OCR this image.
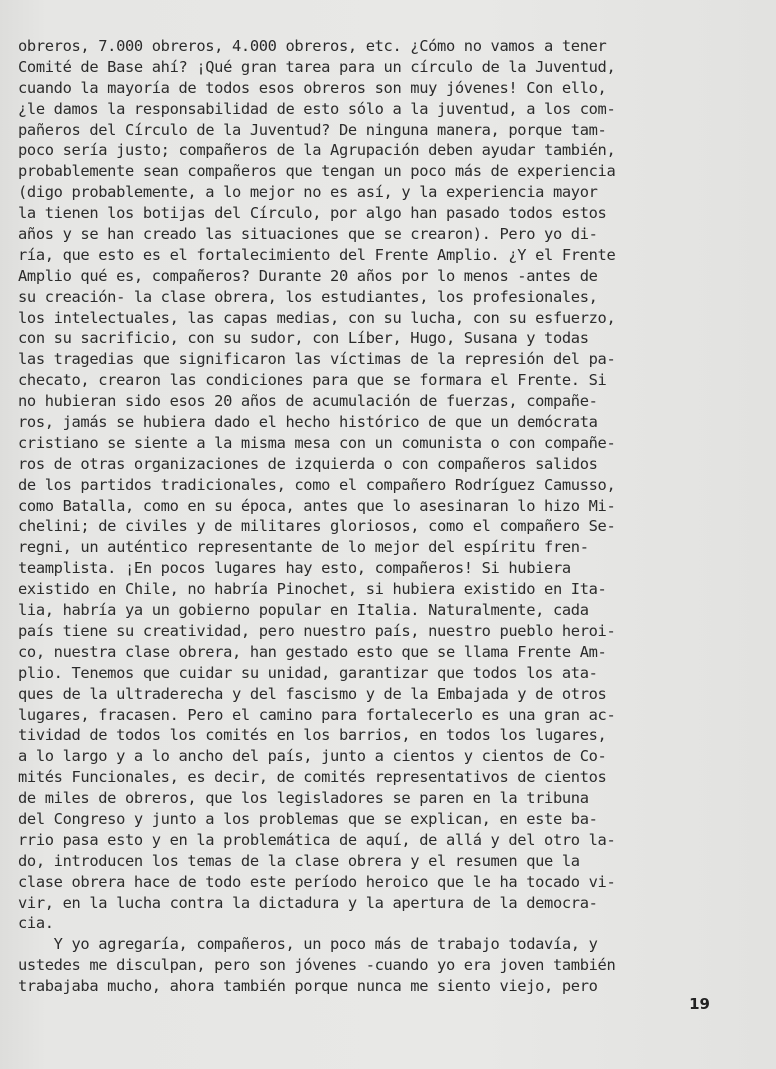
obreros, 7.000 obreros, 4.000 obreros, etc. ¿Cómo no vamos a tener
Comité de Base ahí? ¡Qué gran tarea para un círculo de la Juventud,
cuando la mayoría de todos esos obreros son muy jóvenes! Con ello,
¿le damos la responsabilidad de esto sólo a la juventud, a los com-
pañeros del Círculo de la Juventud? De ninguna manera, porque tam-
poco sería justo; compañeros de la Agrupación deben ayudar también,
probablemente sean compañeros que tengan un poco más de experiencia
(digo probablemente, a lo mejor no es así, y la experiencia mayor
la tienen los botijas del Círculo, por algo han pasado todos estos
años y se han creado las situaciones que se crearon). Pero yo di-
ría, que esto es el fortalecimiento del Frente Amplio. ¿Y el Frente
Amplio qué es, compañeros? Durante 20 años por lo menos -antes de
su creación- la clase obrera, los estudiantes, los profesionales,
los intelectuales, las capas medias, con su lucha, con su esfuerzo,
con su sacrificio, con su sudor, con Líber, Hugo, Susana y todas
las tragedias que significaron las víctimas de la represión del pa-
checato, crearon las condiciones para que se formara el Frente. Si
no hubieran sido esos 20 años de acumulación de fuerzas, compañe-
ros, jamás se hubiera dado el hecho histórico de que un demócrata
cristiano se siente a la misma mesa con un comunista o con compañe-
ros de otras organizaciones de izquierda o con compañeros salidos
de los partidos tradicionales, como el compañero Rodríguez Camusso,
como Batalla, como en su época, antes que lo asesinaran lo hizo Mi-
chelini; de civiles y de militares gloriosos, como el compañero Se-
regni, un auténtico representante de lo mejor del espíritu fren-
teamplista. ¡En pocos lugares hay esto, compañeros! Si hubiera
existido en Chile, no habría Pinochet, si hubiera existido en Ita-
lia, habría ya un gobierno popular en Italia. Naturalmente, cada
país tiene su creatividad, pero nuestro país, nuestro pueblo heroi-
co, nuestra clase obrera, han gestado esto que se llama Frente Am-
plio. Tenemos que cuidar su unidad, garantizar que todos los ata-
ques de la ultraderecha y del fascismo y de la Embajada y de otros
lugares, fracasen. Pero el camino para fortalecerlo es una gran ac-
tividad de todos los comités en los barrios, en todos los lugares,
a lo largo y a lo ancho del país, junto a cientos y cientos de Co-
mités Funcionales, es decir, de comités representativos de cientos
de miles de obreros, que los legisladores se paren en la tribuna
del Congreso y junto a los problemas que se explican, en este ba-
rrio pasa esto y en la problemática de aquí, de allá y del otro la-
do, introducen los temas de la clase obrera y el resumen que la
clase obrera hace de todo este período heroico que le ha tocado vi-
vir, en la lucha contra la dictadura y la apertura de la democra-
cia.
Y yo agregaría, compañeros, un poco más de trabajo todavía, y
ustedes me disculpan, pero son jóvenes -cuando yo era joven también
trabajaba mucho, ahora también porque nunca me siento viejo, pero
19
